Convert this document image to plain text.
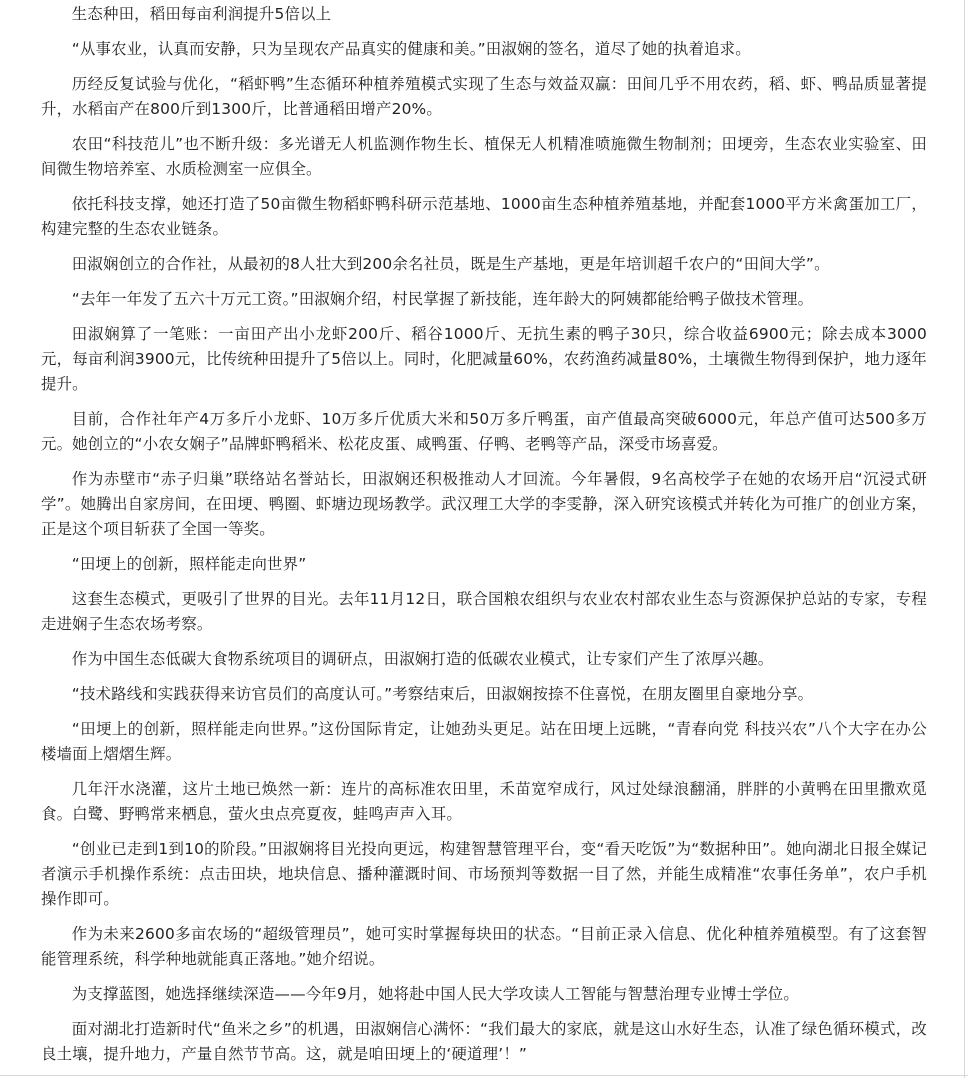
生态种田，稻田每亩利润提升5倍以上

“从事农业，认真而安静，只为呈现农产品真实的健康和美。”田淑娴的签名，道尽了她的执着追求。

历经反复试验与优化，“稻虾鸭”生态循环种植养殖模式实现了生态与效益双赢：田间几乎不用农药，稻、虾、鸭品质显著提升，水稻亩产在800斤到1300斤，比普通稻田增产20%。

农田“科技范儿”也不断升级：多光谱无人机监测作物生长、植保无人机精准喷施微生物制剂；田埂旁，生态农业实验室、田间微生物培养室、水质检测室一应俱全。

依托科技支撑，她还打造了50亩微生物稻虾鸭科研示范基地、1000亩生态种植养殖基地，并配套1000平方米禽蛋加工厂，构建完整的生态农业链条。

田淑娴创立的合作社，从最初的8人壮大到200余名社员，既是生产基地，更是年培训超千农户的“田间大学”。

“去年一年发了五六十万元工资。”田淑娴介绍，村民掌握了新技能，连年龄大的阿姨都能给鸭子做技术管理。

田淑娴算了一笔账：一亩田产出小龙虾200斤、稻谷1000斤、无抗生素的鸭子30只，综合收益6900元；除去成本3000元，每亩利润3900元，比传统种田提升了5倍以上。同时，化肥减量60%，农药渔药减量80%，土壤微生物得到保护，地力逐年提升。

目前，合作社年产4万多斤小龙虾、10万多斤优质大米和50万多斤鸭蛋，亩产值最高突破6000元，年总产值可达500多万元。她创立的“小农女娴子”品牌虾鸭稻米、松花皮蛋、咸鸭蛋、仔鸭、老鸭等产品，深受市场喜爱。

作为赤壁市“赤子归巢”联络站名誉站长，田淑娴还积极推动人才回流。今年暑假，9名高校学子在她的农场开启“沉浸式研学”。她腾出自家房间，在田埂、鸭圈、虾塘边现场教学。武汉理工大学的李雯静，深入研究该模式并转化为可推广的创业方案，正是这个项目斩获了全国一等奖。

“田埂上的创新，照样能走向世界”

这套生态模式，更吸引了世界的目光。去年11月12日，联合国粮农组织与农业农村部农业生态与资源保护总站的专家，专程走进娴子生态农场考察。

作为中国生态低碳大食物系统项目的调研点，田淑娴打造的低碳农业模式，让专家们产生了浓厚兴趣。

“技术路线和实践获得来访官员们的高度认可。”考察结束后，田淑娴按捺不住喜悦，在朋友圈里自豪地分享。

“田埂上的创新，照样能走向世界。”这份国际肯定，让她劲头更足。站在田埂上远眺，“青春向党 科技兴农”八个大字在办公楼墙面上熠熠生辉。

几年汗水浇灌，这片土地已焕然一新：连片的高标准农田里，禾苗宽窄成行，风过处绿浪翻涌，胖胖的小黄鸭在田里撒欢觅食。白鹭、野鸭常来栖息，萤火虫点亮夏夜，蛙鸣声声入耳。

“创业已走到1到10的阶段。”田淑娴将目光投向更远，构建智慧管理平台，变“看天吃饭”为“数据种田”。她向湖北日报全媒记者演示手机操作系统：点击田块，地块信息、播种灌溉时间、市场预判等数据一目了然，并能生成精准“农事任务单”，农户手机操作即可。

作为未来2600多亩农场的“超级管理员”，她可实时掌握每块田的状态。“目前正录入信息、优化种植养殖模型。有了这套智能管理系统，科学种地就能真正落地。”她介绍说。

为支撑蓝图，她选择继续深造——今年9月，她将赴中国人民大学攻读人工智能与智慧治理专业博士学位。

面对湖北打造新时代“鱼米之乡”的机遇，田淑娴信心满怀：“我们最大的家底，就是这山水好生态，认准了绿色循环模式，改良土壤，提升地力，产量自然节节高。这，就是咱田埂上的‘硬道理’！”
